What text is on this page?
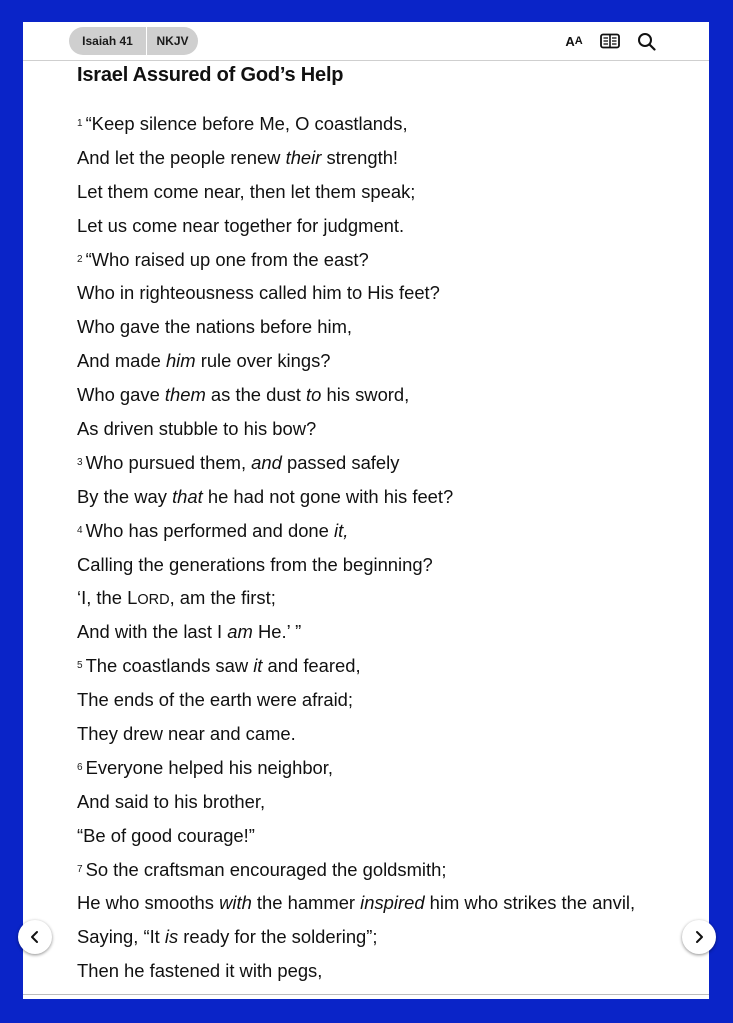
Isaiah 41	NKJV	A A
Israel Assured of God’s Help
$^1$ “Keep silence before Me, O coastlands,
And let the people renew their strength!
Let them come near, then let them speak;
Let us come near together for judgment.
$^2$ “Who raised up one from the east?
Who in righteousness called him to His feet?
Who gave the nations before him,
And made him rule over kings?
Who gave them as the dust to his sword,
As driven stubble to his bow?
$^3$ Who pursued them, and passed safely
By the way that he had not gone with his feet?
$^4$ Who has performed and done it,
Calling the generations from the beginning?
‘I, the LORD, am the first;
And with the last I am He.’ ”
$^5$ The coastlands saw it and feared,
The ends of the earth were afraid;
They drew near and came.
$^6$ Everyone helped his neighbor,
And said to his brother,
“Be of good courage!”
$^7$ So the craftsman encouraged the goldsmith;
He who smooths with the hammer inspired him who strikes the anvil,
Saying, “It is ready for the soldering”;
Then he fastened it with pegs,
